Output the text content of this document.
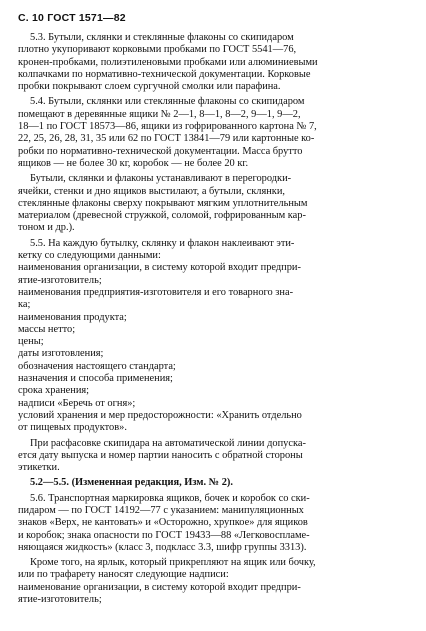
С. 10 ГОСТ 1571—82
5.3. Бутыли, склянки и стеклянные флаконы со скипидаром
плотно укупоривают корковыми пробками по ГОСТ 5541—76,
кронен-пробками, полиэтиленовыми пробками или алюминиевыми
колпачками по нормативно-технической документации. Корковые
пробки покрывают слоем сургучной смолки или парафина.
5.4. Бутыли, склянки или стеклянные флаконы со скипидаром
помещают в деревянные ящики № 2—1, 8—1, 8—2, 9—1, 9—2,
18—1 по ГОСТ 18573—86, ящики из гофрированного картона № 7,
22, 25, 26, 28, 31, 35 или 62 по ГОСТ 13841—79 или картонные ко-
робки по нормативно-технической документации. Масса брутто
ящиков — не более 30 кг, коробок — не более 20 кг.
Бутыли, склянки и флаконы устанавливают в перегородки-
ячейки, стенки и дно ящиков выстилают, а бутыли, склянки,
стеклянные флаконы сверху покрывают мягким уплотнительным
материалом (древесной стружкой, соломой, гофрированным кар-
тоном и др.).
5.5. На каждую бутылку, склянку и флакон наклеивают эти-
кетку со следующими данными:
наименования организации, в систему которой входит предпри-
ятие-изготовитель;
наименования предприятия-изготовителя и его товарного зна-
ка;
наименования продукта;
массы нетто;
цены;
даты изготовления;
обозначения настоящего стандарта;
назначения и способа применения;
срока хранения;
надписи «Беречь от огня»;
условий хранения и мер предосторожности: «Хранить отдельно
от пищевых продуктов».
При расфасовке скипидара на автоматической линии допуска-
ется дату выпуска и номер партии наносить с обратной стороны
этикетки.
5.2—5.5. (Измененная редакция, Изм. № 2).
5.6. Транспортная маркировка ящиков, бочек и коробок со ски-
пидаром — по ГОСТ 14192—77 с указанием: манипуляционных
знаков «Верх, не кантовать» и «Осторожно, хрупкое» для ящиков
и коробок; знака опасности по ГОСТ 19433—88 «Легковоспламе-
няющаяся жидкость» (класс 3, подкласс 3.3, шифр группы 3313).
Кроме того, на ярлык, который прикрепляют на ящик или бочку,
или по трафарету наносят следующие надписи:
наименование организации, в систему которой входит предпри-
ятие-изготовитель;
